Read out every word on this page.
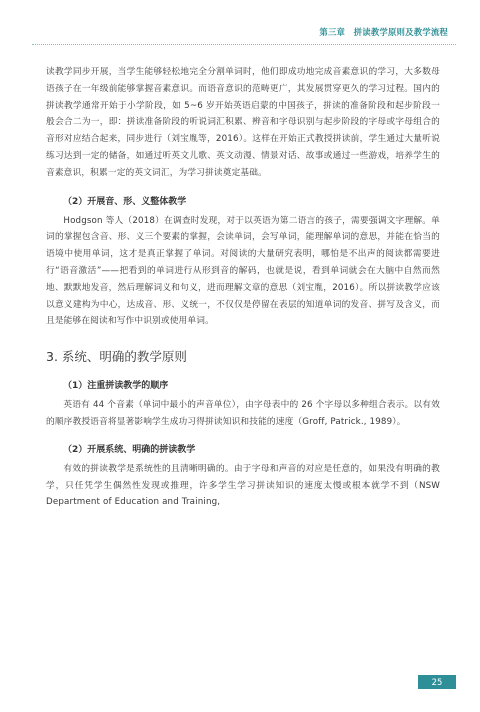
第三章　拼读教学原则及教学流程

读教学同步开展，当学生能够轻松地完全分割单词时，他们即成功地完成音素意识的学习，大多数母语孩子在一年级前能够掌握音素意识。而语音意识的范畴更广，其发展贯穿更久的学习过程。国内的拼读教学通常开始于小学阶段，如 5~6 岁开始英语启蒙的中国孩子，拼读的准备阶段和起步阶段一般会合二为一，即：拼读准备阶段的听说词汇积累、辨音和字母识别与起步阶段的字母或字母组合的音形对应结合起来，同步进行（刘宝胤等，2016）。这样在开始正式教授拼读前，学生通过大量听说练习达到一定的储备，如通过听英文儿歌、英文动漫、情景对话、故事或通过一些游戏，培养学生的音素意识，积累一定的英文词汇，为学习拼读奠定基础。

（2）开展音、形、义整体教学

Hodgson 等人（2018）在调查时发现，对于以英语为第二语言的孩子，需要强调文字理解。单词的掌握包含音、形、义三个要素的掌握，会读单词，会写单词，能理解单词的意思，并能在恰当的语境中使用单词，这才是真正掌握了单词。对阅读的大量研究表明，哪怕是不出声的阅读都需要进行“语音激活”——把看到的单词进行从形到音的解码，也就是说，看到单词就会在大脑中自然而然地、默默地发音，然后理解词义和句义，进而理解文章的意思（刘宝胤，2016）。所以拼读教学应该以意义建构为中心，达成音、形、义统一，不仅仅是停留在表层的知道单词的发音、拼写及含义，而且是能够在阅读和写作中识别或使用单词。

3. 系统、明确的教学原则

（1）注重拼读教学的顺序

英语有 44 个音素（单词中最小的声音单位），由字母表中的 26 个字母以多种组合表示。以有效的顺序教授语音将显著影响学生成功习得拼读知识和技能的速度（Groff, Patrick., 1989）。

（2）开展系统、明确的拼读教学

有效的拼读教学是系统性的且清晰明确的。由于字母和声音的对应是任意的，如果没有明确的教学，只任凭学生偶然性发现或推理，许多学生学习拼读知识的速度太慢或根本就学不到（NSW Department of Education and Training,

25
